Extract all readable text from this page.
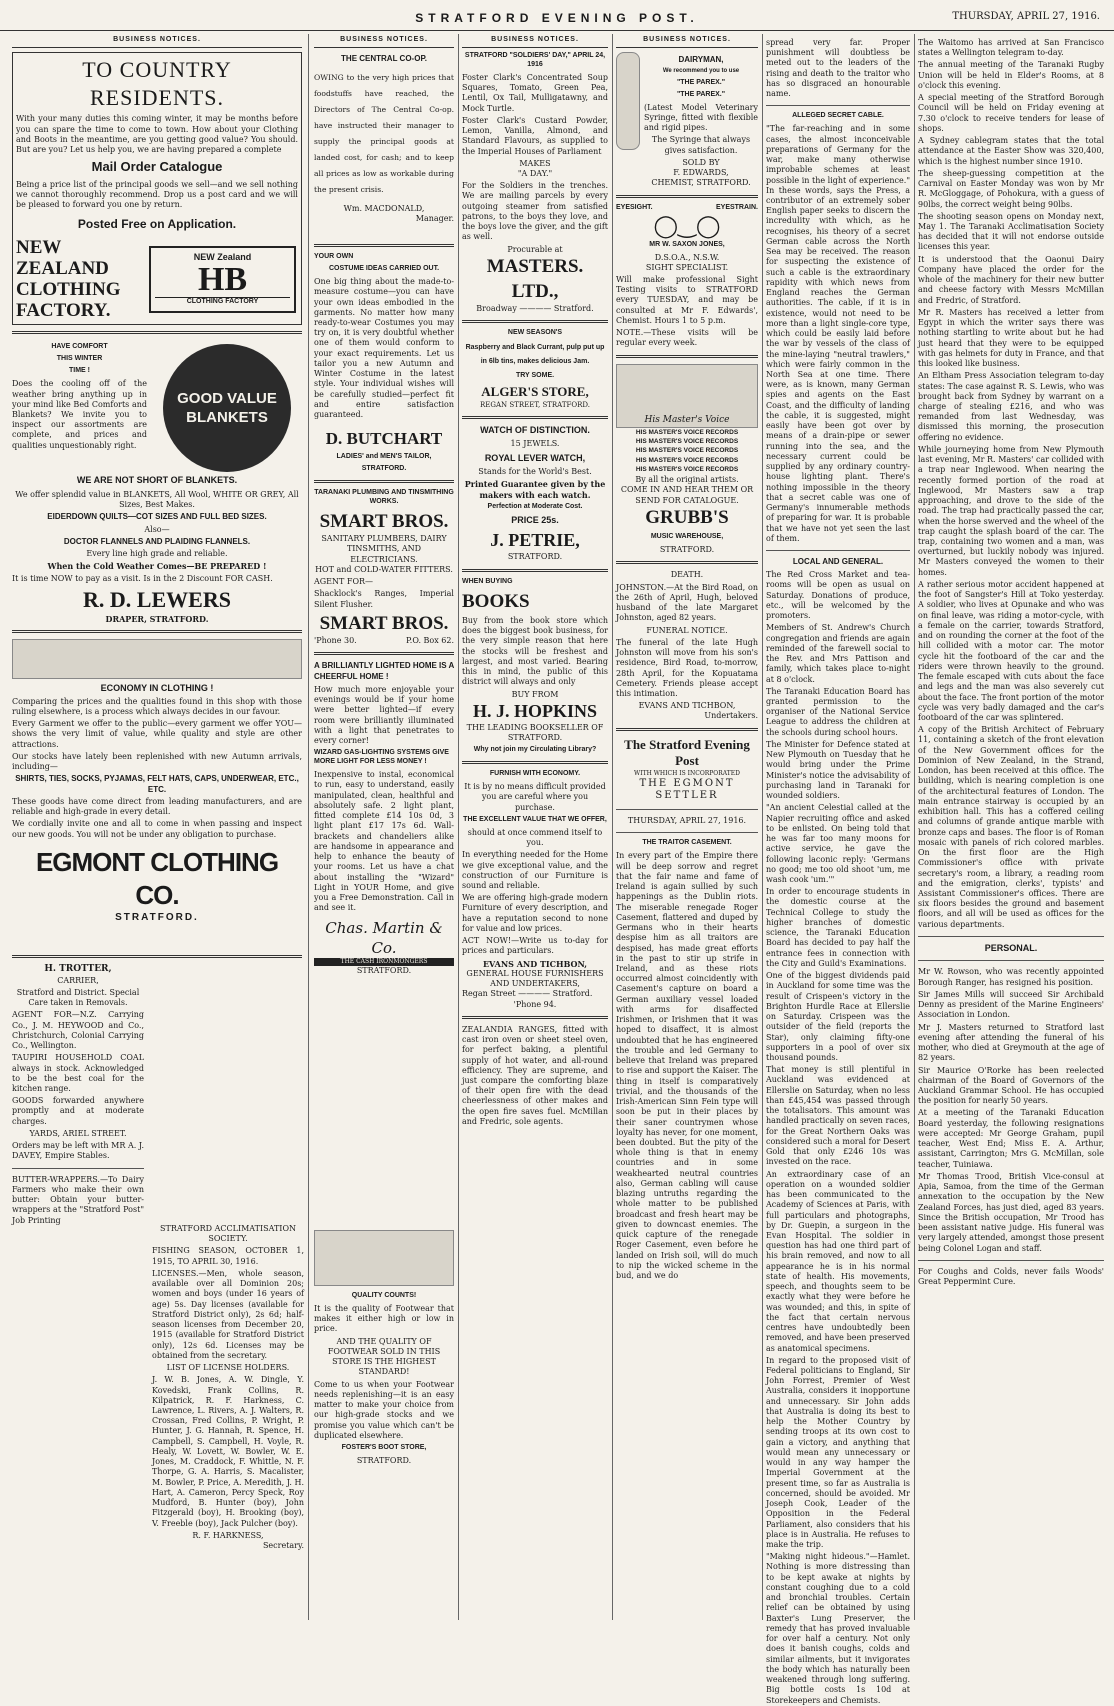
STRATFORD EVENING POST.	THURSDAY, APRIL 27, 1916.
BUSINESS NOTICES.
TO COUNTRY RESIDENTS.

With your many duties this coming winter, it may be months before you can spare the time to come to town. How about your Clothing and Boots in the meantime, are you getting good value? You should. But are you? Let us help you, we are having prepared a complete

Mail Order Catalogue

Being a price list of the principal goods we sell—and we sell nothing we cannot thoroughly recommend. Drop us a post card and we will be pleased to forward you one by return.

Posted Free on Application.
NEW ZEALAND CLOTHING FACTORY.
NEW Zealand
HB
CLOTHING FACTORY
HAVE COMFORT
THIS WINTER
TIME !

Does the cooling off of the weather bring anything up in your mind like Bed Comforts and Blankets? We invite you to inspect our assortments are complete, and prices and qualities unquestionably right.

GOOD VALUE BLANKETS
WE ARE NOT SHORT OF BLANKETS.

We offer splendid value in BLANKETS, All Wool, WHITE OR GREY, All Sizes, Best Makes.

EIDERDOWN QUILTS—COT SIZES AND FULL BED SIZES.

Also—

DOCTOR FLANNELS AND PLAIDING FLANNELS.

Every line high grade and reliable.

When the Cold Weather Comes—BE PREPARED !

It is time NOW to pay as a visit. Is in the 2 Discount FOR CASH.

R. D. LEWERS
DRAPER, STRATFORD.
ECONOMY IN CLOTHING !

Comparing the prices and the qualities found in this shop with those ruling elsewhere, is a process which always decides in our favour.

Every Garment we offer to the public—every garment we offer YOU—shows the very limit of value, while quality and style are other attractions.

Our stocks have lately been replenished with new Autumn arrivals, including—

SHIRTS, TIES, SOCKS, PYJAMAS, FELT HATS, CAPS, UNDERWEAR, ETC., ETC.

These goods have come direct from leading manufacturers, and are reliable and high-grade in every detail.

We cordially invite one and all to come in when passing and inspect our new goods. You will not be under any obligation to purchase.

EGMONT CLOTHING CO.
STRATFORD.
H. TROTTER,
CARRIER,

Stratford and District. Special Care taken in Removals.

AGENT FOR—N.Z. Carrying Co., J. M. HEYWOOD and Co., Christchurch, Colonial Carrying Co., Wellington.

TAUPIRI HOUSEHOLD COAL always in stock. Acknowledged to be the best coal for the kitchen range.

GOODS forwarded anywhere promptly and at moderate charges.

YARDS, ARIEL STREET.

Orders may be left with MR A. J. DAVEY, Empire Stables.

BUTTER-WRAPPERS.—To Dairy Farmers who make their own butter: Obtain your butter-wrappers at the "Stratford Post" Job Printing

STRATFORD ACCLIMATISATION SOCIETY.

FISHING SEASON, OCTOBER 1, 1915, TO APRIL 30, 1916.

LICENSES.—Men, whole season, available over all Dominion 20s; women and boys (under 16 years of age) 5s. Day licenses (available for Stratford District only), 2s 6d; half-season licenses from December 20, 1915 (available for Stratford District only), 12s 6d. Licenses may be obtained from the secretary.

LIST OF LICENSE HOLDERS.

J. W. B. Jones, A. W. Dingle, Y. Kovedski, Frank Collins, R. Kilpatrick, R. F. Harkness, C. Lawrence, L. Rivers, A. J. Walters, R. Crossan, Fred Collins, P. Wright, P. Hunter, J. G. Hannah, R. Spence, H. Campbell, S. Campbell, H. Voyle, R. Healy, W. Lovett, W. Bowler, W. E. Jones, M. Craddock, F. Whittle, N. F. Thorpe, G. A. Harris, S. Macalister, M. Bowler, P. Price, A. Meredith, J. H. Hart, A. Cameron, Percy Speck, Roy Mudford, B. Hunter (boy), John Fitzgerald (boy), H. Brooking (boy), V. Freeble (boy), Jack Pulcher (boy).

R. F. HARKNESS,
Secretary.
BUSINESS NOTICES.
THE CENTRAL CO-OP.

OWING to the very high prices that foodstuffs have reached, the Directors of The Central Co-op. have instructed their manager to supply the principal goods at landed cost, for cash; and to keep all prices as low as workable during the present crisis.

Wm. MACDONALD,
Manager.
YOUR OWN
COSTUME IDEAS CARRIED OUT.

One big thing about the made-to-measure costume—you can have your own ideas embodied in the garments. No matter how many ready-to-wear Costumes you may try on, it is very doubtful whether one of them would conform to your exact requirements. Let us tailor you a new Autumn and Winter Costume in the latest style. Your individual wishes will be carefully studied—perfect fit and entire satisfaction guaranteed.

D. BUTCHART
LADIES' and MEN'S TAILOR,
STRATFORD.
TARANAKI PLUMBING AND TINSMITHING WORKS.
SMART BROS.
SANITARY PLUMBERS, DAIRY TINSMITHS, AND ELECTRICIANS.
HOT and COLD-WATER FITTERS.

AGENT FOR—

Shacklock's Ranges, Imperial Silent Flusher.

SMART BROS.
'Phone 30.	P.O. Box 62.
A BRILLIANTLY LIGHTED HOME IS A CHEERFUL HOME !

How much more enjoyable your evenings would be if your home were better lighted—if every room were brilliantly illuminated with a light that penetrates to every corner!

WIZARD GAS-LIGHTING SYSTEMS GIVE MORE LIGHT FOR LESS MONEY !

Inexpensive to instal, economical to run, easy to understand, easily manipulated, clean, healthful and absolutely safe. 2 light plant, fitted complete £14 10s 0d, 3 light plant £17 17s 6d. Wall-brackets and chandeliers alike are handsome in appearance and help to enhance the beauty of your rooms. Let us have a chat about installing the "Wizard" Light in YOUR Home, and give you a Free Demonstration. Call in and see it.

Chas. Martin & Co.
THE CASH IRONMONGERS
STRATFORD.
QUALITY COUNTS!

It is the quality of Footwear that makes it either high or low in price.

AND THE QUALITY OF FOOTWEAR SOLD IN THIS STORE IS THE HIGHEST STANDARD!

Come to us when your Footwear needs replenishing—it is an easy matter to make your choice from our high-grade stocks and we promise you value which can't be duplicated elsewhere.

FOSTER'S BOOT STORE,
STRATFORD.
BUSINESS NOTICES.
STRATFORD "SOLDIERS' DAY," APRIL 24, 1916

Foster Clark's Concentrated Soup Squares, Tomato, Green Pea, Lentil, Ox Tail, Mulligatawny, and Mock Turtle.

Foster Clark's Custard Powder, Lemon, Vanilla, Almond, and Standard Flavours, as supplied to the Imperial Houses of Parliament

MAKES
"A DAY."

For the Soldiers in the trenches. We are mailing parcels by every outgoing steamer from satisfied patrons, to the boys they love, and the boys love the giver, and the gift as well.

Procurable at
MASTERS. LTD.,
Broadway ———— Stratford.
NEW SEASON'S

Raspberry and Black Currant, pulp put up in 6lb tins, makes delicious Jam.

TRY SOME.
ALGER'S STORE,
REGAN STREET, STRATFORD.
WATCH OF DISTINCTION.
15 JEWELS.
ROYAL LEVER WATCH,
Stands for the World's Best.

Printed Guarantee given by the makers with each watch.

Perfection at Moderate Cost.
PRICE 25s.
J. PETRIE,
STRATFORD.
WHEN BUYING
BOOKS

Buy from the book store which does the biggest book business, for the very simple reason that here the stocks will be freshest and largest, and most varied. Bearing this in mind, the public of this district will always and only

BUY FROM
H. J. HOPKINS
THE LEADING BOOKSELLER OF STRATFORD.
Why not join my Circulating Library?
FURNISH WITH ECONOMY.

It is by no means difficult provided you are careful where you purchase.

THE EXCELLENT VALUE THAT WE OFFER,
should at once commend itself to you.

In everything needed for the Home we give exceptional value, and the construction of our Furniture is sound and reliable.

We are offering high-grade modern Furniture of every description, and have a reputation second to none for value and low prices.

ACT NOW!—Write us to-day for prices and particulars.

EVANS AND TICHBON,
GENERAL HOUSE FURNISHERS AND UNDERTAKERS,
Regan Street ———— Stratford.
'Phone 94.

ZEALANDIA RANGES, fitted with cast iron oven or sheet steel oven, for perfect baking, a plentiful supply of hot water, and all-round efficiency. They are supreme, and just compare the comforting blaze of their open fire with the dead cheerlessness of other makes and the open fire saves fuel. McMillan and Fredric, sole agents.

BUSINESS NOTICES.
DAIRYMAN,
We recommend you to use
"THE PAREX."
"THE PAREX."

(Latest Model Veterinary Syringe, fitted with flexible and rigid pipes.

The Syringe that always gives satisfaction.

SOLD BY
F. EDWARDS,
CHEMIST, STRATFORD.
EYESIGHT.	EYESTRAIN.
◯‿◯
MR W. SAXON JONES,
D.S.O.A., N.S.W.
SIGHT SPECIALIST.

Will make professional Sight Testing visits to STRATFORD every TUESDAY, and may be consulted at Mr F. Edwards', Chemist. Hours 1 to 5 p.m.

NOTE.—These visits will be regular every week.

His Master's Voice
HIS MASTER'S VOICE RECORDS
HIS MASTER'S VOICE RECORDS
HIS MASTER'S VOICE RECORDS
HIS MASTER'S VOICE RECORDS
HIS MASTER'S VOICE RECORDS
By all the original artists.
COME IN AND HEAR THEM OR
SEND FOR CATALOGUE.
GRUBB'S
MUSIC WAREHOUSE,
STRATFORD.
DEATH.

JOHNSTON.—At the Bird Road, on the 26th of April, Hugh, beloved husband of the late Margaret Johnston, aged 82 years.

FUNERAL NOTICE.

The funeral of the late Hugh Johnston will move from his son's residence, Bird Road, to-morrow, 28th April, for the Kopuatama Cemetery. Friends please accept this intimation.

EVANS AND TICHBON,
Undertakers.
The Stratford Evening Post
WITH WHICH IS INCORPORATED
THE EGMONT SETTLER
THURSDAY, APRIL 27, 1916.
THE TRAITOR CASEMENT.

In every part of the Empire there will be deep sorrow and regret that the fair name and fame of Ireland is again sullied by such happenings as the Dublin riots. The miserable renegade Roger Casement, flattered and duped by Germans who in their hearts despise him as all traitors are despised, has made great efforts in the past to stir up strife in Ireland, and as these riots occurred almost coincidently with Casement's capture on board a German auxiliary vessel loaded with arms for disaffected Irishmen, or Irishmen that it was hoped to disaffect, it is almost undoubted that he has engineered the trouble and led Germany to believe that Ireland was prepared to rise and support the Kaiser. The thing in itself is comparatively trivial, and the thousands of the Irish-American Sinn Fein type will soon be put in their places by their saner countrymen whose loyalty has never, for one moment, been doubted. But the pity of the whole thing is that in enemy countries and in some weakhearted neutral countries also, German cabling will cause blazing untruths regarding the whole matter to be published broadcast and fresh heart may be given to downcast enemies. The quick capture of the renegade Roger Casement, even before he landed on Irish soil, will do much to nip the wicked scheme in the bud, and we do

spread very far. Proper punishment will doubtless be meted out to the leaders of the rising and death to the traitor who has so disgraced an honourable name.

ALLEGED SECRET CABLE.

"The far-reaching and in some cases, the almost inconceivable preparations of Germany for the war, make many otherwise improbable schemes at least possible in the light of experience." In these words, says the Press, a contributor of an extremely sober English paper seeks to discern the incredulity with which, as he recognises, his theory of a secret German cable across the North Sea may be received. The reason for suspecting the existence of such a cable is the extraordinary rapidity with which news from England reaches the German authorities. The cable, if it is in existence, would not need to be more than a light single-core type, which could be easily laid before the war by vessels of the class of the mine-laying "neutral trawlers," which were fairly common in the North Sea at one time. There were, as is known, many German spies and agents on the East Coast, and the difficulty of landing the cable, it is suggested, might easily have been got over by means of a drain-pipe or sewer running into the sea, and the necessary current could be supplied by any ordinary country-house lighting plant. There's nothing impossible in the theory that a secret cable was one of Germany's innumerable methods of preparing for war. It is probable that we have not yet seen the last of them.

LOCAL AND GENERAL.

The Red Cross Market and tea-rooms will be open as usual on Saturday. Donations of produce, etc., will be welcomed by the promoters.

Members of St. Andrew's Church congregation and friends are again reminded of the farewell social to the Rev. and Mrs Pattison and family, which takes place to-night at 8 o'clock.

The Taranaki Education Board has granted permission to the organiser of the National Service League to address the children at the schools during school hours.

The Minister for Defence stated at New Plymouth on Tuesday that he would bring under the Prime Minister's notice the advisability of purchasing land in Taranaki for wounded soldiers.

"An ancient Celestial called at the Napier recruiting office and asked to be enlisted. On being told that he was far too many moons for active service, he gave the following laconic reply: 'Germans no good; me too old shoot 'um, me wash cook 'um.'"

In order to encourage students in the domestic course at the Technical College to study the higher branches of domestic science, the Taranaki Education Board has decided to pay half the entrance fees in connection with the City and Guild's Examinations.

One of the biggest dividends paid in Auckland for some time was the result of Crispeen's victory in the Brighton Hurdle Race at Ellerslie on Saturday. Crispeen was the outsider of the field (reports the Star), only claiming fifty-one supporters in a pool of over six thousand pounds.

That money is still plentiful in Auckland was evidenced at Ellerslie on Saturday, when no less than £45,454 was passed through the totalisators. This amount was handled practically on seven races, for the Great Northern Oaks was considered such a moral for Desert Gold that only £246 10s was invested on the race.

An extraordinary case of an operation on a wounded soldier has been communicated to the Academy of Sciences at Paris, with full particulars and photographs, by Dr. Guepin, a surgeon in the Evan Hospital. The soldier in question has had one third part of his brain removed, and now to all appearance he is in his normal state of health. His movements, speech, and thoughts seem to be exactly what they were before he was wounded; and this, in spite of the fact that certain nervous centres have undoubtedly been removed, and have been preserved as anatomical specimens.

In regard to the proposed visit of Federal politicians to England, Sir John Forrest, Premier of West Australia, considers it inopportune and unnecessary. Sir John adds that Australia is doing its best to help the Mother Country by sending troops at its own cost to gain a victory, and anything that would mean any unnecessary or would in any way hamper the Imperial Government at the present time, so far as Australia is concerned, should be avoided. Mr Joseph Cook, Leader of the Opposition in the Federal Parliament, also considers that his place is in Australia. He refuses to make the trip.

"Making night hideous."—Hamlet. Nothing is more distressing than to be kept awake at nights by constant coughing due to a cold and bronchial troubles. Certain relief can be obtained by using Baxter's Lung Preserver, the remedy that has proved invaluable for over half a century. Not only does it banish coughs, colds and similar ailments, but it invigorates the body which has naturally been weakened through long suffering. Big bottle costs 1s 10d at Storekeepers and Chemists.

The Waitomo has arrived at San Francisco states a Wellington telegram to-day.

The annual meeting of the Taranaki Rugby Union will be held in Elder's Rooms, at 8 o'clock this evening.

A special meeting of the Stratford Borough Council will be held on Friday evening at 7.30 o'clock to receive tenders for lease of shops.

A Sydney cablegram states that the total attendance at the Easter Show was 320,400, which is the highest number since 1910.

The sheep-guessing competition at the Carnival on Easter Monday was won by Mr R. McGloggage, of Pohokura, with a guess of 90lbs, the correct weight being 90lbs.

The shooting season opens on Monday next, May 1. The Taranaki Acclimatisation Society has decided that it will not endorse outside licenses this year.

It is understood that the Oaonui Dairy Company have placed the order for the whole of the machinery for their new butter and cheese factory with Messrs McMillan and Fredric, of Stratford.

Mr R. Masters has received a letter from Egypt in which the writer says there was nothing startling to write about but he had just heard that they were to be equipped with gas helmets for duty in France, and that this looked like business.

An Eltham Press Association telegram to-day states: The case against R. S. Lewis, who was brought back from Sydney by warrant on a charge of stealing £216, and who was remanded from last Wednesday, was dismissed this morning, the prosecution offering no evidence.

While journeying home from New Plymouth last evening, Mr R. Masters' car collided with a trap near Inglewood. When nearing the recently formed portion of the road at Inglewood, Mr Masters saw a trap approaching, and drove to the side of the road. The trap had practically passed the car, when the horse swerved and the wheel of the trap caught the splash board of the car. The trap, containing two women and a man, was overturned, but luckily nobody was injured. Mr Masters conveyed the women to their homes.

A rather serious motor accident happened at the foot of Sangster's Hill at Toko yesterday. A soldier, who lives at Opunake and who was on final leave, was riding a motor-cycle, with a female on the carrier, towards Stratford, and on rounding the corner at the foot of the hill collided with a motor car. The motor cycle hit the footboard of the car and the riders were thrown heavily to the ground. The female escaped with cuts about the face and legs and the man was also severely cut about the face. The front portion of the motor cycle was very badly damaged and the car's footboard of the car was splintered.

A copy of the British Architect of February 11, containing a sketch of the front elevation of the New Government offices for the Dominion of New Zealand, in the Strand, London, has been received at this office. The building, which is nearing completion is one of the architectural features of London. The main entrance stairway is occupied by an exhibition hall. This has a coffered ceiling and columns of grande antique marble with bronze caps and bases. The floor is of Roman mosaic with panels of rich colored marbles. On the first floor are the High Commissioner's office with private secretary's room, a library, a reading room and the emigration, clerks', typists' and Assistant Commissioner's offices. There are six floors besides the ground and basement floors, and all will be used as offices for the various departments.

PERSONAL.

Mr W. Rowson, who was recently appointed Borough Ranger, has resigned his position.

Sir James Mills will succeed Sir Archibald Denny as president of the Marine Engineers' Association in London.

Mr J. Masters returned to Stratford last evening after attending the funeral of his mother, who died at Greymouth at the age of 82 years.

Sir Maurice O'Rorke has been reelected chairman of the Board of Governors of the Auckland Grammar School. He has occupied the position for nearly 50 years.

At a meeting of the Taranaki Education Board yesterday, the following resignations were accepted: Mr George Graham, pupil teacher, West End; Miss E. A. Arthur, assistant, Carrington; Mrs G. McMillan, sole teacher, Tuiniawa.

Mr Thomas Trood, British Vice-consul at Apia, Samoa, from the time of the German annexation to the occupation by the New Zealand Forces, has just died, aged 83 years. Since the British occupation, Mr Trood has been assistant native judge. His funeral was very largely attended, amongst those present being Colonel Logan and staff.

For Coughs and Colds, never fails Woods' Great Peppermint Cure.
